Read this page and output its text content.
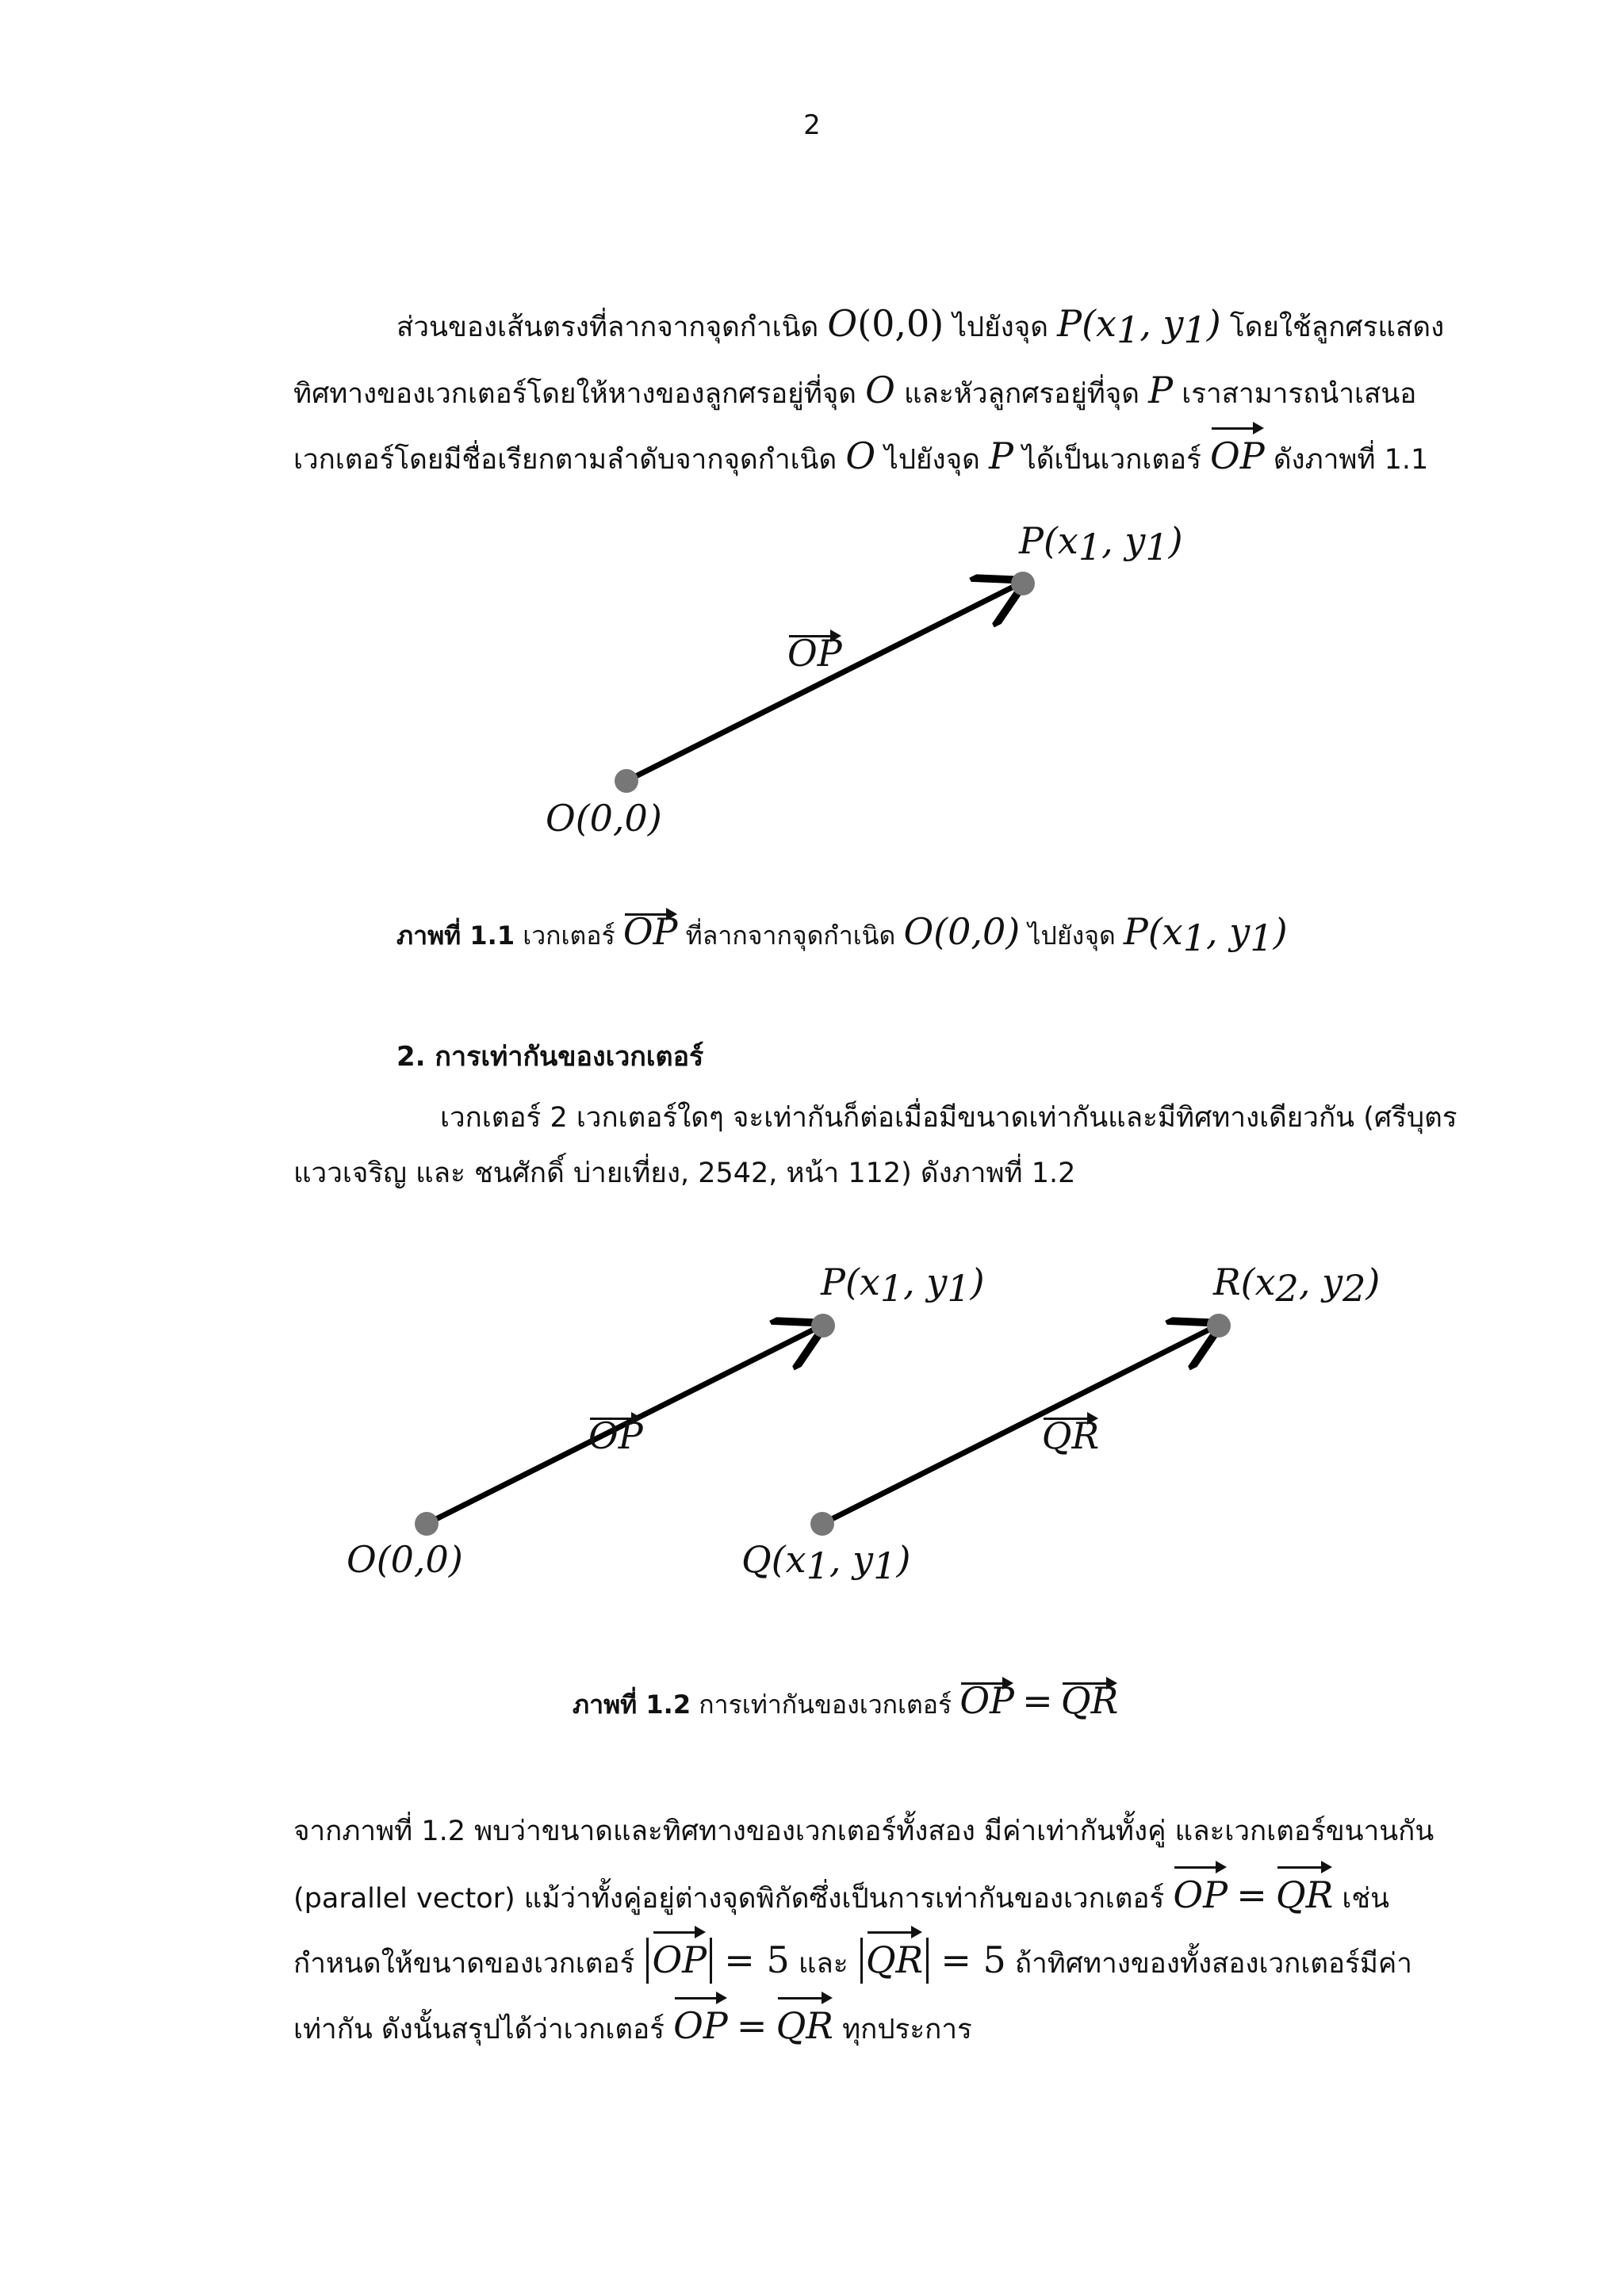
2
ส่วนของเส้นตรงที่ลากจากจุดกำเนิด O(0,0) ไปยังจุด $P(x_1$, $y_1$) โดยใช้ลูกศรแสดง
ทิศทางของเวกเตอร์โดยให้หางของลูกศรอยู่ที่จุด O และหัวลูกศรอยู่ที่จุด P เราสามารถนำเสนอ
เวกเตอร์โดยมีชื่อเรียกตามลำดับจากจุดกำเนิด O ไปยังจุด P ได้เป็นเวกเตอร์ OP ดังภาพที่ 1.1
$P(x_1$, $y_1$)
OP
O(0,0)
ภาพที่ 1.1 เวกเตอร์ OP ที่ลากจากจุดกำเนิด O(0,0) ไปยังจุด $P(x_1$, $y_1$)
2. การเท่ากันของเวกเตอร์
เวกเตอร์ 2 เวกเตอร์ใดๆ จะเท่ากันก็ต่อเมื่อมีขนาดเท่ากันและมีทิศทางเดียวกัน (ศรีบุตร
แววเจริญ และ ชนศักดิ์ บ่ายเที่ยง, 2542, หน้า 112) ดังภาพที่ 1.2
$P(x_1$, $y_1$)	$R(x_2$, $y_2$)
OP	QR
O(0,0)	$Q(x_1$, $y_1$)
ภาพที่ 1.2 การเท่ากันของเวกเตอร์ OP = QR
จากภาพที่ 1.2 พบว่าขนาดและทิศทางของเวกเตอร์ทั้งสอง มีค่าเท่ากันทั้งคู่ และเวกเตอร์ขนานกัน
(parallel vector) แม้ว่าทั้งคู่อยู่ต่างจุดพิกัดซึ่งเป็นการเท่ากันของเวกเตอร์ OP = QR เช่น
กำหนดให้ขนาดของเวกเตอร์ OP = 5 และ QR = 5 ถ้าทิศทางของทั้งสองเวกเตอร์มีค่า
เท่ากัน ดังนั้นสรุปได้ว่าเวกเตอร์ OP = QR ทุกประการ
